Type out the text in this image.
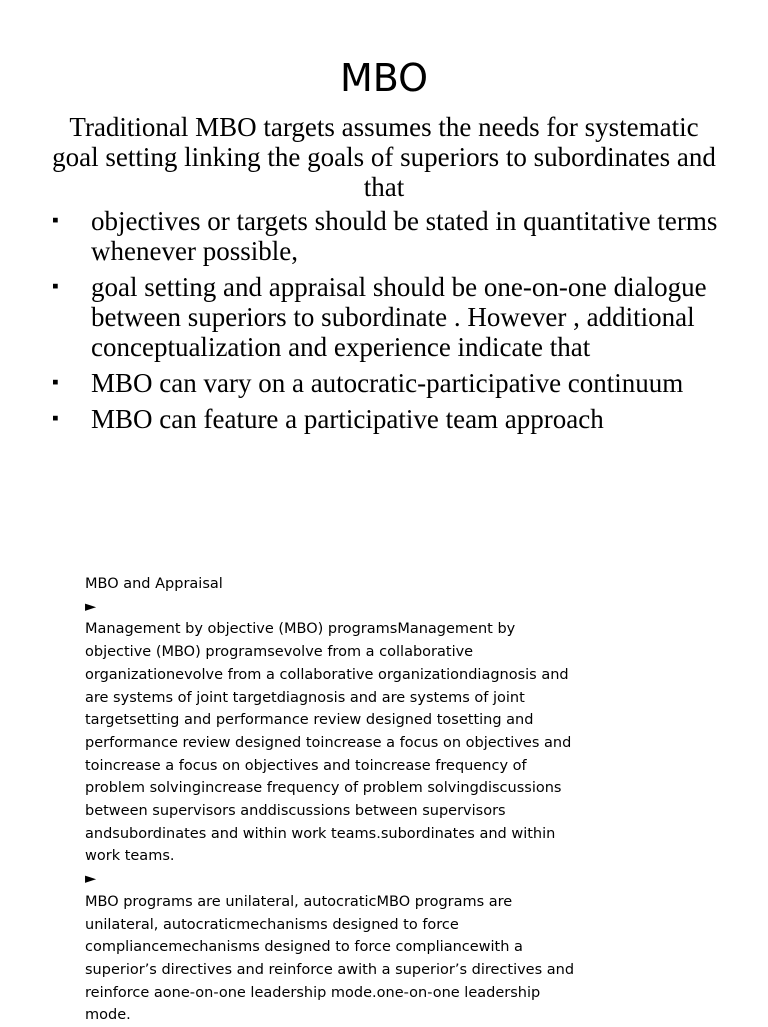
MBO

Traditional MBO targets assumes the needs for systematic goal setting linking the goals of superiors to subordinates and that

▪ objectives or targets should be stated in quantitative terms whenever possible,
▪ goal setting and appraisal should be one-on-one dialogue between superiors to subordinate . However , additional conceptualization and experience indicate that
▪ MBO can vary on a autocratic-participative continuum
▪ MBO can feature a participative team approach

MBO and Appraisal

►

Management by objective (MBO) programsManagement by objective (MBO) programsevolve from a collaborative organizationevolve from a collaborative organizationdiagnosis and are systems of joint targetdiagnosis and are systems of joint targetsetting and performance review designed tosetting and performance review designed toincrease a focus on objectives and toincrease a focus on objectives and toincrease frequency of problem solvingincrease frequency of problem solvingdiscussions between supervisors anddiscussions between supervisors andsubordinates and within work teams.subordinates and within work teams.

►

MBO programs are unilateral, autocraticMBO programs are unilateral, autocraticmechanisms designed to force compliancemechanisms designed to force compliancewith a superior’s directives and reinforce awith a superior’s directives and reinforce aone-on-one leadership mode.one-on-one leadership mode.
